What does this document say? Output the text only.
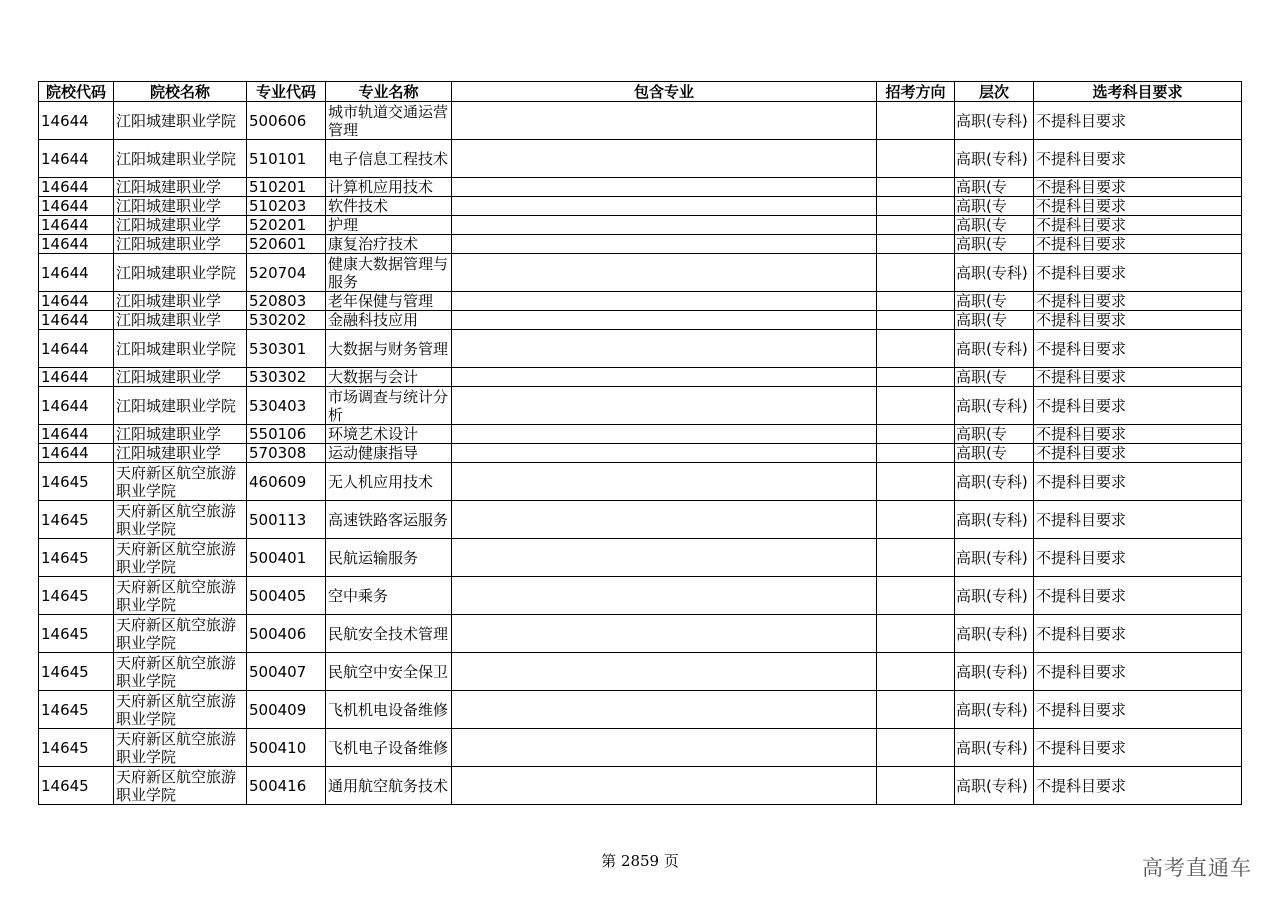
院校代码	院校名称	专业代码	专业名称	包含专业	招考方向	层次	选考科目要求

14644	江阳城建职业学院	500606	城市轨道交通运营管理			高职(专科)	不提科目要求

14644	江阳城建职业学院	510101	电子信息工程技术			高职(专科)	不提科目要求

14644	江阳城建职业学	510201	计算机应用技术			高职(专	不提科目要求

14644	江阳城建职业学	510203	软件技术			高职(专	不提科目要求

14644	江阳城建职业学	520201	护理			高职(专	不提科目要求

14644	江阳城建职业学	520601	康复治疗技术			高职(专	不提科目要求

14644	江阳城建职业学院	520704	健康大数据管理与服务			高职(专科)	不提科目要求

14644	江阳城建职业学	520803	老年保健与管理			高职(专	不提科目要求

14644	江阳城建职业学	530202	金融科技应用			高职(专	不提科目要求

14644	江阳城建职业学院	530301	大数据与财务管理			高职(专科)	不提科目要求

14644	江阳城建职业学	530302	大数据与会计			高职(专	不提科目要求

14644	江阳城建职业学院	530403	市场调查与统计分析			高职(专科)	不提科目要求

14644	江阳城建职业学	550106	环境艺术设计			高职(专	不提科目要求

14644	江阳城建职业学	570308	运动健康指导			高职(专	不提科目要求

14645	天府新区航空旅游职业学院	460609	无人机应用技术			高职(专科)	不提科目要求

14645	天府新区航空旅游职业学院	500113	高速铁路客运服务			高职(专科)	不提科目要求

14645	天府新区航空旅游职业学院	500401	民航运输服务			高职(专科)	不提科目要求

14645	天府新区航空旅游职业学院	500405	空中乘务			高职(专科)	不提科目要求

14645	天府新区航空旅游职业学院	500406	民航安全技术管理			高职(专科)	不提科目要求

14645	天府新区航空旅游职业学院	500407	民航空中安全保卫			高职(专科)	不提科目要求

14645	天府新区航空旅游职业学院	500409	飞机机电设备维修			高职(专科)	不提科目要求

14645	天府新区航空旅游职业学院	500410	飞机电子设备维修			高职(专科)	不提科目要求

14645	天府新区航空旅游职业学院	500416	通用航空航务技术			高职(专科)	不提科目要求
第 2859 页	高考直通车
